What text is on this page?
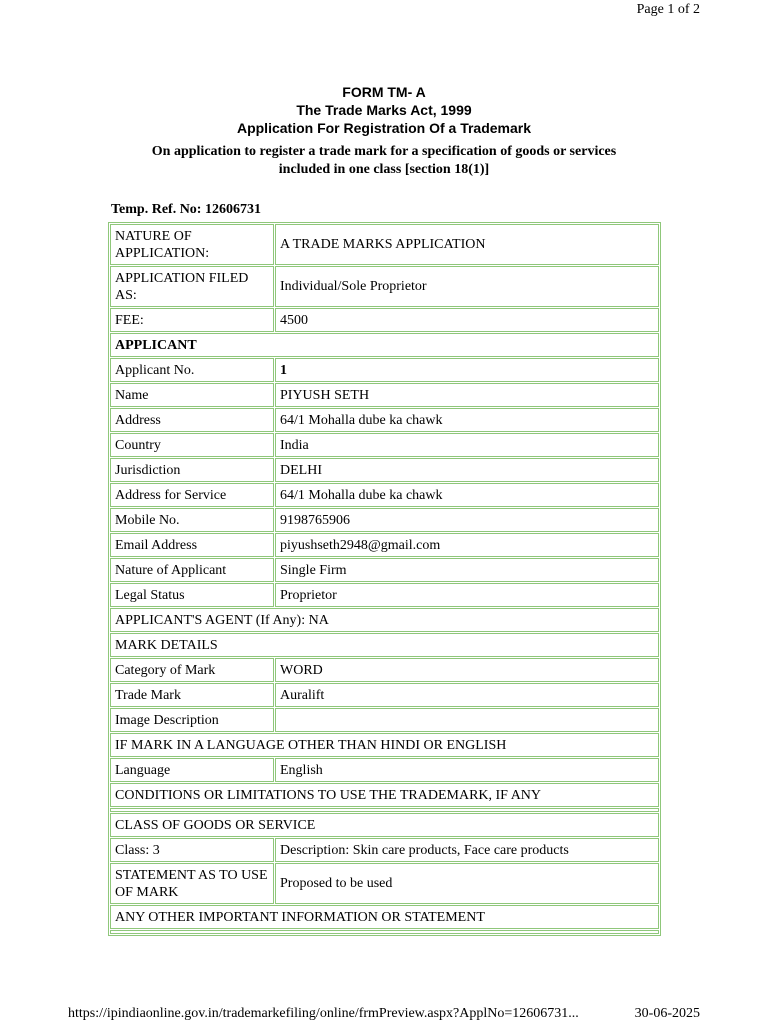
Page 1 of 2
FORM TM- A
The Trade Marks Act, 1999
Application For Registration Of a Trademark
On application to register a trade mark for a specification of goods or services
included in one class [section 18(1)]
Temp. Ref. No: 12606731
NATURE OF APPLICATION:	A TRADE MARKS APPLICATION
APPLICATION FILED AS:	Individual/Sole Proprietor
FEE:	4500
APPLICANT	
Applicant No.	1
Name	PIYUSH SETH
Address	64/1 Mohalla dube ka chawk
Country	India
Jurisdiction	DELHI
Address for Service	64/1 Mohalla dube ka chawk
Mobile No.	9198765906
Email Address	piyushseth2948@gmail.com
Nature of Applicant	Single Firm
Legal Status	Proprietor
APPLICANT'S AGENT (If Any): NA	
MARK DETAILS	
Category of Mark	WORD
Trade Mark	Auralift
Image Description	
IF MARK IN A LANGUAGE OTHER THAN HINDI OR ENGLISH	
Language	English
CONDITIONS OR LIMITATIONS TO USE THE TRADEMARK, IF ANY	

CLASS OF GOODS OR SERVICE	
Class: 3	Description: Skin care products, Face care products
STATEMENT AS TO USE OF MARK	Proposed to be used
ANY OTHER IMPORTANT INFORMATION OR STATEMENT	

https://ipindiaonline.gov.in/trademarkefiling/online/frmPreview.aspx?ApplNo=12606731...	30-06-2025
